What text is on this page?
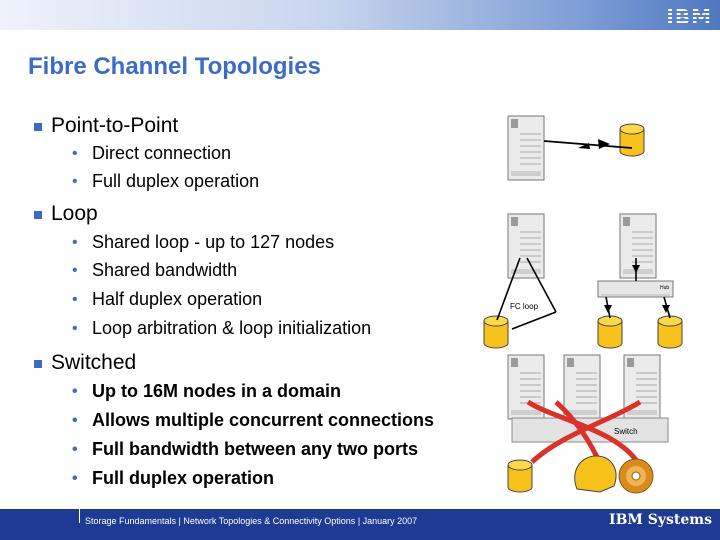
IBM
Fibre Channel Topologies
Point-to-Point
• Direct connection
• Full duplex operation
Loop
• Shared loop - up to 127 nodes
• Shared bandwidth
• Half duplex operation
• Loop arbitration & loop initialization
Switched
• Up to 16M nodes in a domain
• Allows multiple concurrent connections
• Full bandwidth between any two ports
• Full duplex operation
FC loop
Hub
Switch
Storage Fundamentals | Network Topologies & Connectivity Options | January 2007	IBM Systems
